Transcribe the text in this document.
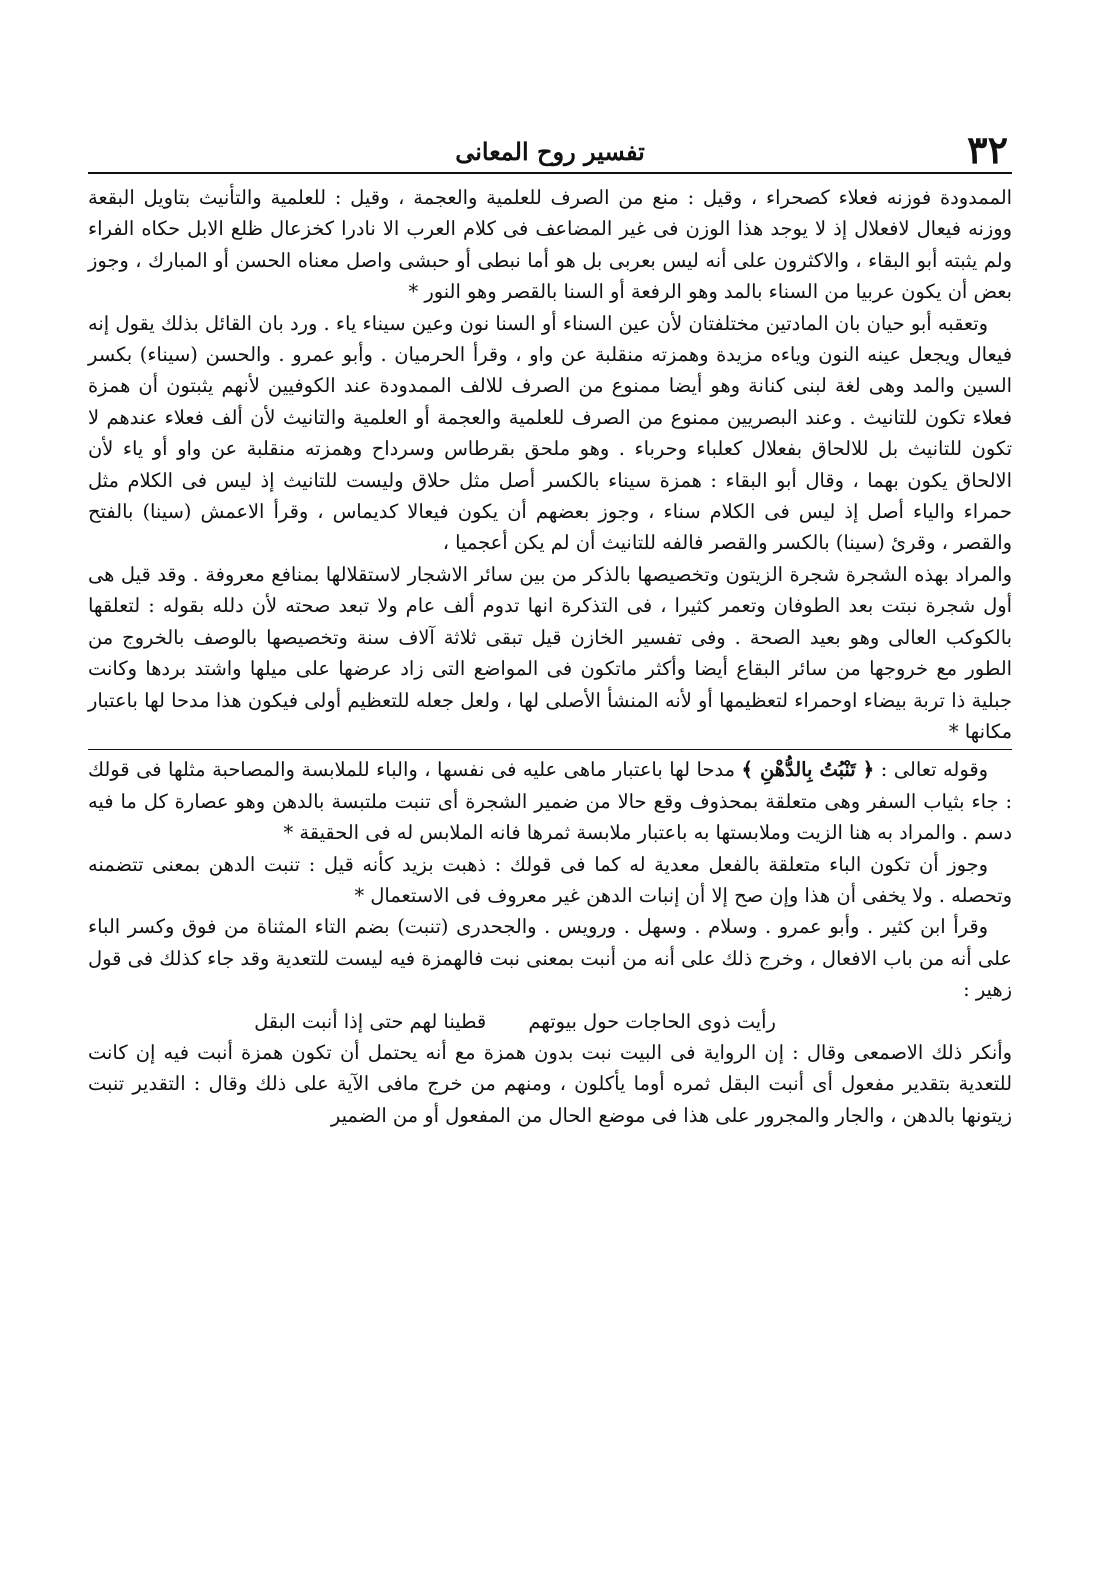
٣٢
تفسير روح المعانى

الممدودة فوزنه فعلاء كصحراء ، وقيل : منع من الصرف للعلمية والعجمة ، وقيل : للعلمية والتأنيث بتاويل البقعة ووزنه فيعال لافعلال إذ لا يوجد هذا الوزن فى غير المضاعف فى كلام العرب الا نادرا كخزعال ظلع الابل حكاه الفراء ولم يثبته أبو البقاء ، والاكثرون على أنه ليس بعربى بل هو أما نبطى أو حبشى واصل معناه الحسن أو المبارك ، وجوز بعض أن يكون عربيا من السناء بالمد وهو الرفعة أو السنا بالقصر وهو النور *

وتعقبه أبو حيان بان المادتين مختلفتان لأن عين السناء أو السنا نون وعين سيناء ياء . ورد بان القائل بذلك يقول إنه فيعال ويجعل عينه النون وياءه مزيدة وهمزته منقلبة عن واو ، وقرأ الحرميان . وأبو عمرو . والحسن (سيناء) بكسر السين والمد وهى لغة لبنى كنانة وهو أيضا ممنوع من الصرف للالف الممدودة عند الكوفيين لأنهم يثبتون أن همزة فعلاء تكون للتانيث . وعند البصريين ممنوع من الصرف للعلمية والعجمة أو العلمية والتانيث لأن ألف فعلاء عندهم لا تكون للتانيث بل للالحاق بفعلال كعلباء وحرباء . وهو ملحق بقرطاس وسرداح وهمزته منقلبة عن واو أو ياء لأن الالحاق يكون بهما ، وقال أبو البقاء : همزة سيناء بالكسر أصل مثل حلاق وليست للتانيث إذ ليس فى الكلام مثل حمراء والياء أصل إذ ليس فى الكلام سناء ، وجوز بعضهم أن يكون فيعالا كديماس ، وقرأ الاعمش (سينا) بالفتح والقصر ، وقرئ (سينا) بالكسر والقصر فالفه للتانيث أن لم يكن أعجميا ،

والمراد بهذه الشجرة شجرة الزيتون وتخصيصها بالذكر من بين سائر الاشجار لاستقلالها بمنافع معروفة . وقد قيل هى أول شجرة نبتت بعد الطوفان وتعمر كثيرا ، فى التذكرة انها تدوم ألف عام ولا تبعد صحته لأن دلله بقوله : لتعلقها بالكوكب العالى وهو بعيد الصحة . وفى تفسير الخازن قيل تبقى ثلاثة آلاف سنة وتخصيصها بالوصف بالخروج من الطور مع خروجها من سائر البقاع أيضا وأكثر ماتكون فى المواضع التى زاد عرضها على ميلها واشتد بردها وكانت جبلية ذا تربة بيضاء اوحمراء لتعظيمها أو لأنه المنشأ الأصلى لها ، ولعل جعله للتعظيم أولى فيكون هذا مدحا لها باعتبار مكانها *

وقوله تعالى : ﴿ تَنْبُتُ بِالدُّهْنِ ﴾ مدحا لها باعتبار ماهى عليه فى نفسها ، والباء للملابسة والمصاحبة مثلها فى قولك : جاء بثياب السفر وهى متعلقة بمحذوف وقع حالا من ضمير الشجرة أى تنبت ملتبسة بالدهن وهو عصارة كل ما فيه دسم . والمراد به هنا الزيت وملابستها به باعتبار ملابسة ثمرها فانه الملابس له فى الحقيقة *

وجوز أن تكون الباء متعلقة بالفعل معدية له كما فى قولك : ذهبت بزيد كأنه قيل : تنبت الدهن بمعنى تتضمنه وتحصله . ولا يخفى أن هذا وإن صح إلا أن إنبات الدهن غير معروف فى الاستعمال *

وقرأ ابن كثير . وأبو عمرو . وسلام . وسهل . ورويس . والجحدرى (تنبت) بضم التاء المثناة من فوق وكسر الباء على أنه من باب الافعال ، وخرج ذلك على أنه من أنبت بمعنى نبت فالهمزة فيه ليست للتعدية وقد جاء كذلك فى قول زهير :

رأيت ذوى الحاجات حول بيوتهم قطينا لهم حتى إذا أنبت البقل

وأنكر ذلك الاصمعى وقال : إن الرواية فى البيت نبت بدون همزة مع أنه يحتمل أن تكون همزة أنبت فيه إن كانت للتعدية بتقدير مفعول أى أنبت البقل ثمره أوما يأكلون ، ومنهم من خرج مافى الآية على ذلك وقال : التقدير تنبت زيتونها بالدهن ، والجار والمجرور على هذا فى موضع الحال من المفعول أو من الضمير
